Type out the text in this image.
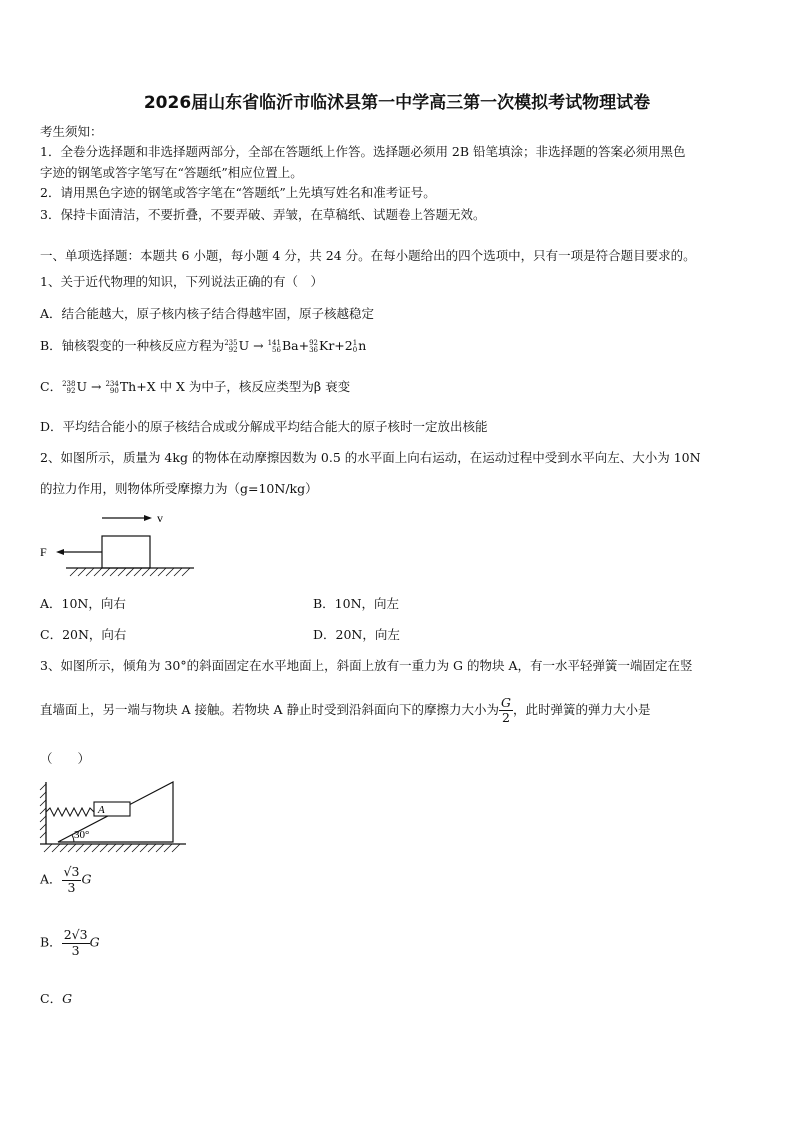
2026届山东省临沂市临沭县第一中学高三第一次模拟考试物理试卷
考生须知：
1．全卷分选择题和非选择题两部分，全部在答题纸上作答。选择题必须用 2B 铅笔填涂；非选择题的答案必须用黑色
字迹的钢笔或答字笔写在“答题纸”相应位置上。
2．请用黑色字迹的钢笔或答字笔在“答题纸”上先填写姓名和准考证号。
3．保持卡面清洁，不要折叠，不要弄破、弄皱，在草稿纸、试题卷上答题无效。
一、单项选择题：本题共 6 小题，每小题 4 分，共 24 分。在每小题给出的四个选项中，只有一项是符合题目要求的。
1、关于近代物理的知识，下列说法正确的有（　）
A．结合能越大，原子核内核子结合得越牢固，原子核越稳定
B．铀核裂变的一种核反应方程为235
92U → 141
56Ba+92
36Kr+21
0n
C．238
92U → 234
90Th+X 中 X 为中子，核反应类型为β 衰变
D．平均结合能小的原子核结合成或分解成平均结合能大的原子核时一定放出核能
2、如图所示，质量为 4kg 的物体在动摩擦因数为 0.5 的水平面上向右运动，在运动过程中受到水平向左、大小为 10N
的拉力作用，则物体所受摩擦力为（g=10N/kg）
v
F
A．10N，向右	B．10N，向左
C．20N，向右	D．20N，向左
3、如图所示，倾角为 30°的斜面固定在水平地面上，斜面上放有一重力为 G 的物块 A，有一水平轻弹簧一端固定在竖
直墙面上，另一端与物块 A 接触。若物块 A 静止时受到沿斜面向下的摩擦力大小为 $\frac{G}{2}$ ，此时弹簧的弹力大小是
（　　）
A
30°
A． $\frac{√3}{3}$ G
B． $\frac{2√3}{3}$ G
C．G
